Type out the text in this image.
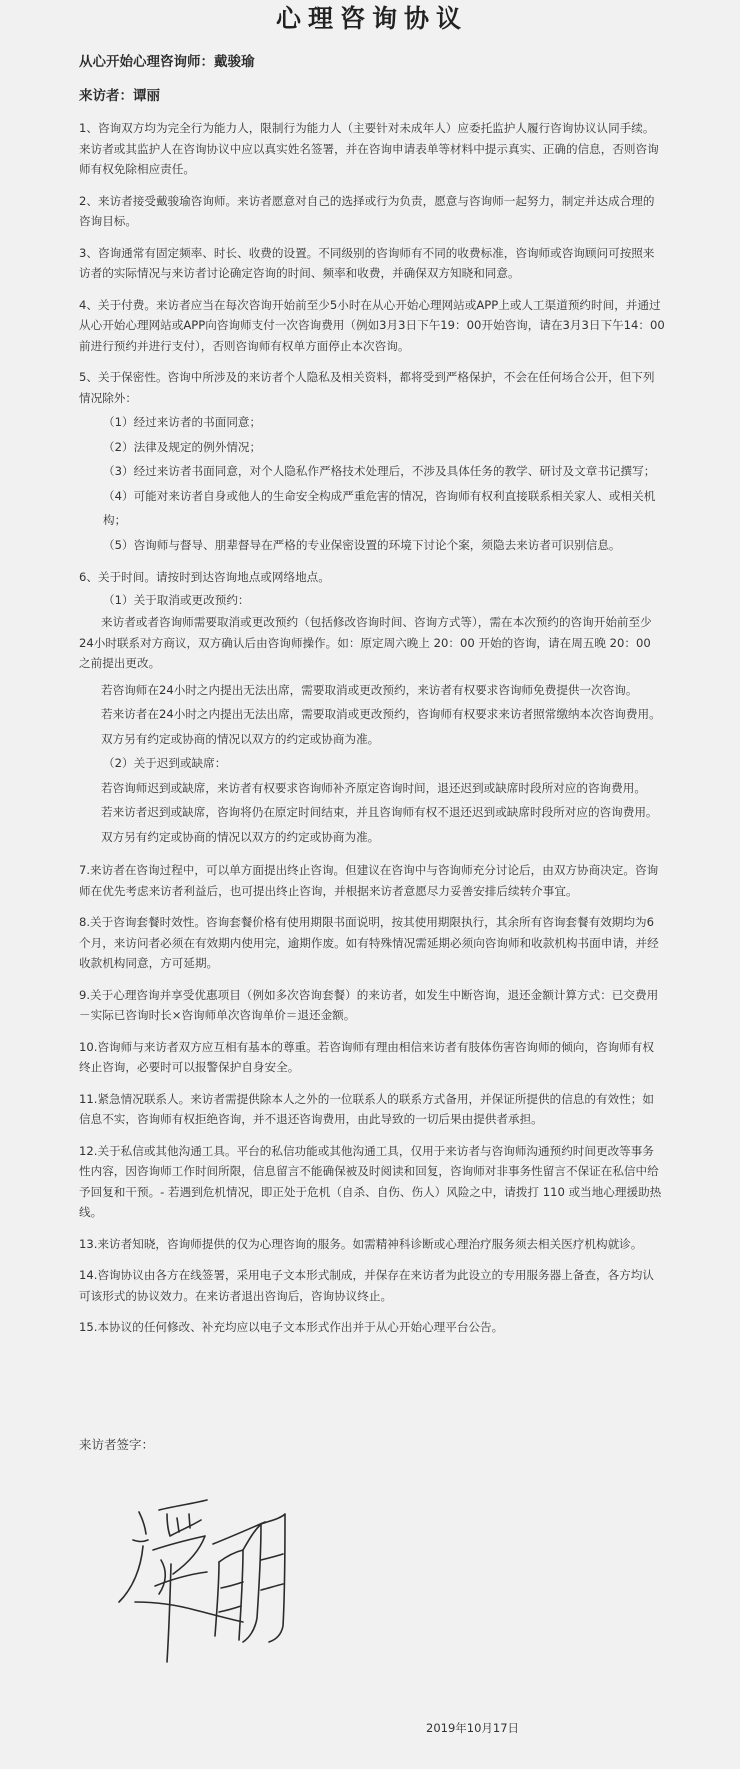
心理咨询协议

从心开始心理咨询师：戴骏瑜

来访者：谭丽

1、咨询双方均为完全行为能力人，限制行为能力人（主要针对未成年人）应委托监护人履行咨询协议认同手续。来访者或其监护人在咨询协议中应以真实姓名签署，并在咨询申请表单等材料中提示真实、正确的信息，否则咨询师有权免除相应责任。

2、来访者接受戴骏瑜咨询师。来访者愿意对自己的选择或行为负责，愿意与咨询师一起努力，制定并达成合理的咨询目标。

3、咨询通常有固定频率、时长、收费的设置。不同级别的咨询师有不同的收费标准，咨询师或咨询顾问可按照来访者的实际情况与来访者讨论确定咨询的时间、频率和收费，并确保双方知晓和同意。

4、关于付费。来访者应当在每次咨询开始前至少5小时在从心开始心理网站或APP上或人工渠道预约时间，并通过从心开始心理网站或APP向咨询师支付一次咨询费用（例如3月3日下午19：00开始咨询，请在3月3日下午14：00前进行预约并进行支付），否则咨询师有权单方面停止本次咨询。

5、关于保密性。咨询中所涉及的来访者个人隐私及相关资料，都将受到严格保护，不会在任何场合公开，但下列情况除外：

（1）经过来访者的书面同意；

（2）法律及规定的例外情况；

（3）经过来访者书面同意，对个人隐私作严格技术处理后，不涉及具体任务的教学、研讨及文章书记撰写；

（4）可能对来访者自身或他人的生命安全构成严重危害的情况，咨询师有权利直接联系相关家人、或相关机构；

（5）咨询师与督导、朋辈督导在严格的专业保密设置的环境下讨论个案，须隐去来访者可识别信息。

6、关于时间。请按时到达咨询地点或网络地点。

（1）关于取消或更改预约：

来访者或者咨询师需要取消或更改预约（包括修改咨询时间、咨询方式等），需在本次预约的咨询开始前至少24小时联系对方商议，双方确认后由咨询师操作。如：原定周六晚上 20：00 开始的咨询，请在周五晚 20：00 之前提出更改。

若咨询师在24小时之内提出无法出席，需要取消或更改预约，来访者有权要求咨询师免费提供一次咨询。

若来访者在24小时之内提出无法出席，需要取消或更改预约，咨询师有权要求来访者照常缴纳本次咨询费用。

双方另有约定或协商的情况以双方的约定或协商为准。

（2）关于迟到或缺席：

若咨询师迟到或缺席，来访者有权要求咨询师补齐原定咨询时间，退还迟到或缺席时段所对应的咨询费用。

若来访者迟到或缺席，咨询将仍在原定时间结束，并且咨询师有权不退还迟到或缺席时段所对应的咨询费用。

双方另有约定或协商的情况以双方的约定或协商为准。

7.来访者在咨询过程中，可以单方面提出终止咨询。但建议在咨询中与咨询师充分讨论后，由双方协商决定。咨询师在优先考虑来访者利益后，也可提出终止咨询，并根据来访者意愿尽力妥善安排后续转介事宜。

8.关于咨询套餐时效性。咨询套餐价格有使用期限书面说明，按其使用期限执行，其余所有咨询套餐有效期均为6个月，来访问者必须在有效期内使用完，逾期作废。如有特殊情况需延期必须向咨询师和收款机构书面申请，并经收款机构同意，方可延期。

9.关于心理咨询并享受优惠项目（例如多次咨询套餐）的来访者，如发生中断咨询，退还金额计算方式：已交费用－实际已咨询时长×咨询师单次咨询单价＝退还金额。

10.咨询师与来访者双方应互相有基本的尊重。若咨询师有理由相信来访者有肢体伤害咨询师的倾向，咨询师有权终止咨询，必要时可以报警保护自身安全。

11.紧急情况联系人。来访者需提供除本人之外的一位联系人的联系方式备用，并保证所提供的信息的有效性；如信息不实，咨询师有权拒绝咨询，并不退还咨询费用，由此导致的一切后果由提供者承担。

12.关于私信或其他沟通工具。平台的私信功能或其他沟通工具，仅用于来访者与咨询师沟通预约时间更改等事务性内容，因咨询师工作时间所限，信息留言不能确保被及时阅读和回复，咨询师对非事务性留言不保证在私信中给予回复和干预。- 若遇到危机情况，即正处于危机（自杀、自伤、伤人）风险之中，请拨打 110 或当地心理援助热线。

13.来访者知晓，咨询师提供的仅为心理咨询的服务。如需精神科诊断或心理治疗服务须去相关医疗机构就诊。

14.咨询协议由各方在线签署，采用电子文本形式制成，并保存在来访者为此设立的专用服务器上备查，各方均认可该形式的协议效力。在来访者退出咨询后，咨询协议终止。

15.本协议的任何修改、补充均应以电子文本形式作出并于从心开始心理平台公告。

来访者签字：

2019年10月17日
